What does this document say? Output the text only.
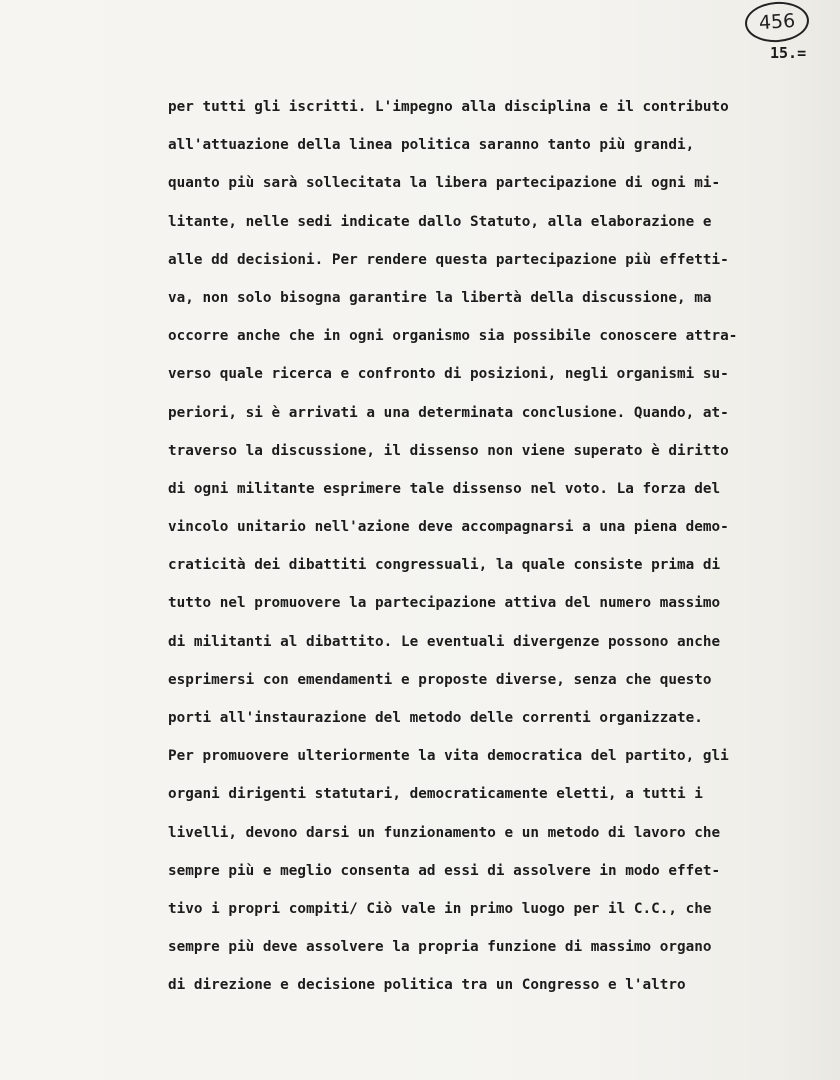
456
15.=
per tutti gli iscritti. L'impegno alla disciplina e il contributo
all'attuazione della linea politica saranno tanto più grandi,
quanto più sarà sollecitata la libera partecipazione di ogni mi-
litante, nelle sedi indicate dallo Statuto, alla elaborazione e
alle dd decisioni. Per rendere questa partecipazione più effetti-
va, non solo bisogna garantire la libertà della discussione, ma
occorre anche che in ogni organismo sia possibile conoscere attra-
verso quale ricerca e confronto di posizioni, negli organismi su-
periori, si è arrivati a una determinata conclusione. Quando, at-
traverso la discussione, il dissenso non viene superato è diritto
di ogni militante esprimere tale dissenso nel voto. La forza del
vincolo unitario nell'azione deve accompagnarsi a una piena demo-
craticità dei dibattiti congressuali, la quale consiste prima di
tutto nel promuovere la partecipazione attiva del numero massimo
di militanti al dibattito. Le eventuali divergenze possono anche
esprimersi con emendamenti e proposte diverse, senza che questo
porti all'instaurazione del metodo delle correnti organizzate.
Per promuovere ulteriormente la vita democratica del partito, gli
organi dirigenti statutari, democraticamente eletti, a tutti i
livelli, devono darsi un funzionamento e un metodo di lavoro che
sempre più e meglio consenta ad essi di assolvere in modo effet-
tivo i propri compiti/ Ciò vale in primo luogo per il C.C., che
sempre più deve assolvere la propria funzione di massimo organo
di direzione e decisione politica tra un Congresso e l'altro
